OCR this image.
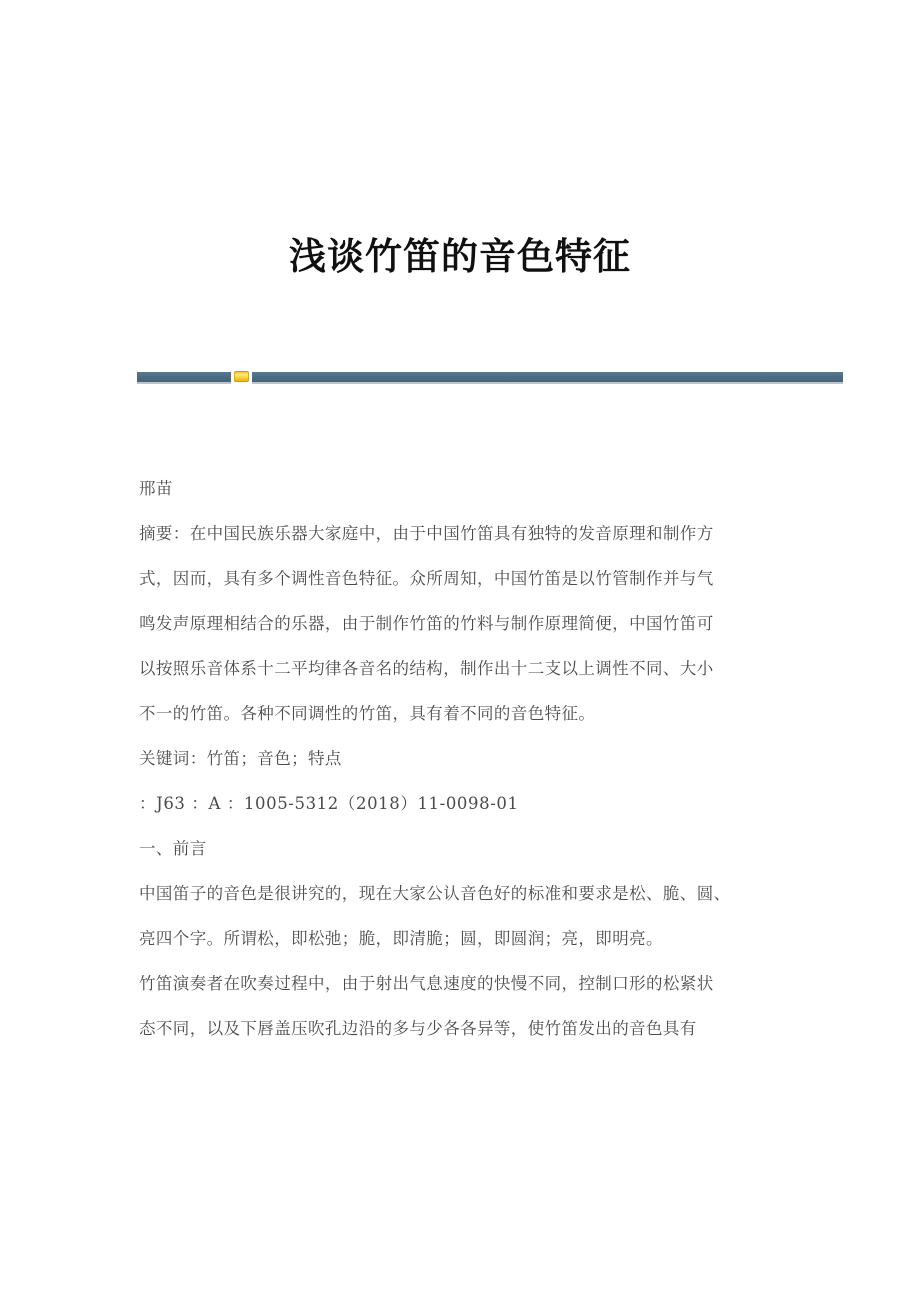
浅谈竹笛的音色特征
邢苗
摘要：在中国民族乐器大家庭中，由于中国竹笛具有独特的发音原理和制作方
式，因而，具有多个调性音色特征。众所周知，中国竹笛是以竹管制作并与气
鸣发声原理相结合的乐器，由于制作竹笛的竹料与制作原理简便，中国竹笛可
以按照乐音体系十二平均律各音名的结构，制作出十二支以上调性不同、大小
不一的竹笛。各种不同调性的竹笛，具有着不同的音色特征。
关键词：竹笛；音色；特点
：J63 ：A ：1005-5312（2018）11-0098-01
一、前言
中国笛子的音色是很讲究的，现在大家公认音色好的标准和要求是松、脆、圆、
亮四个字。所谓松，即松弛；脆，即清脆；圆，即圆润；亮，即明亮。
竹笛演奏者在吹奏过程中，由于射出气息速度的快慢不同，控制口形的松紧状
态不同，以及下唇盖压吹孔边沿的多与少各各异等，使竹笛发出的音色具有
